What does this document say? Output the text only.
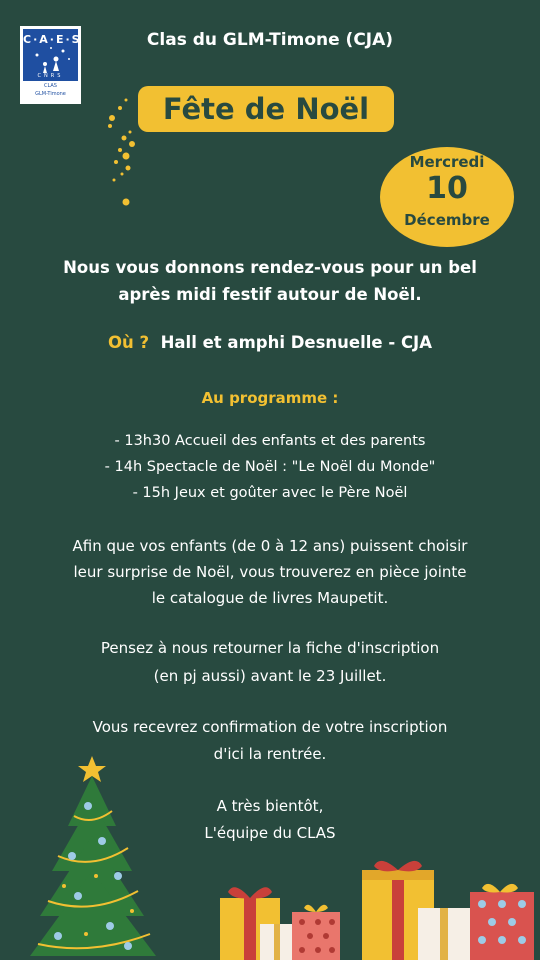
C·A·E·S
CNRS
CLAS
GLM-Timone
Clas du GLM-Timone (CJA)
Fête de Noël
Mercredi
10
Décembre
Nous vous donnons rendez-vous pour un bel
après midi festif autour de Noël.
Où ? Hall et amphi Desnuelle - CJA
Au programme :
- 13h30 Accueil des enfants et des parents
- 14h Spectacle de Noël : "Le Noël du Monde"
- 15h Jeux et goûter avec le Père Noël
Afin que vos enfants (de 0 à 12 ans) puissent choisir
leur surprise de Noël, vous trouverez en pièce jointe
le catalogue de livres Maupetit.
Pensez à nous retourner la fiche d'inscription
(en pj aussi) avant le 23 Juillet.
Vous recevrez confirmation de votre inscription
d'ici la rentrée.
A très bientôt,
L'équipe du CLAS
